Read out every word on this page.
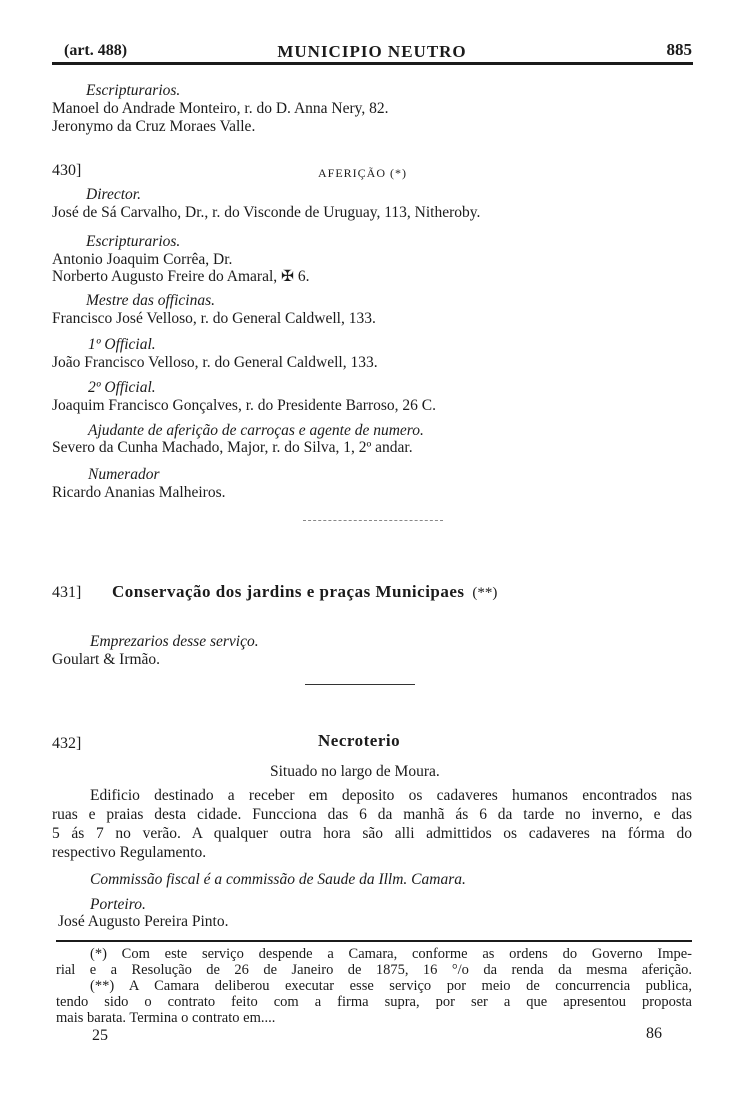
(art. 488)	MUNICIPIO NEUTRO	885
Escripturarios.
Manoel do Andrade Monteiro, r. do D. Anna Nery, 82.
Jeronymo da Cruz Moraes Valle.
430]	AFERIÇÃO (*)
Director.
José de Sá Carvalho, Dr., r. do Visconde de Uruguay, 113, Nitheroby.
Escripturarios.
Antonio Joaquim Corrêa, Dr.
Norberto Augusto Freire do Amaral, ✠ 6.
Mestre das officinas.
Francisco José Velloso, r. do General Caldwell, 133.
1º Official.
João Francisco Velloso, r. do General Caldwell, 133.
2º Official.
Joaquim Francisco Gonçalves, r. do Presidente Barroso, 26 C.
Ajudante de aferição de carroças e agente de numero.
Severo da Cunha Machado, Major, r. do Silva, 1, 2º andar.
Numerador
Ricardo Ananias Malheiros.
431] Conservação dos jardins e praças Municipaes (**)
Emprezarios desse serviço.
Goulart & Irmão.
432]	Necroterio
Situado no largo de Moura.
Edificio destinado a receber em deposito os cadaveres humanos encontrados nas
ruas e praias desta cidade. Funcciona das 6 da manhã ás 6 da tarde no inverno, e das
5 ás 7 no verão. A qualquer outra hora são alli admittidos os cadaveres na fórma do
respectivo Regulamento.
Commissão fiscal é a commissão de Saude da Illm. Camara.
Porteiro.
José Augusto Pereira Pinto.
(*) Com este serviço despende a Camara, conforme as ordens do Governo Impe-
rial e a Resolução de 26 de Janeiro de 1875, 16 °/o da renda da mesma aferição.
(**) A Camara deliberou executar esse serviço por meio de concurrencia publica,
tendo sido o contrato feito com a firma supra, por ser a que apresentou proposta
mais barata. Termina o contrato em....
25	86
